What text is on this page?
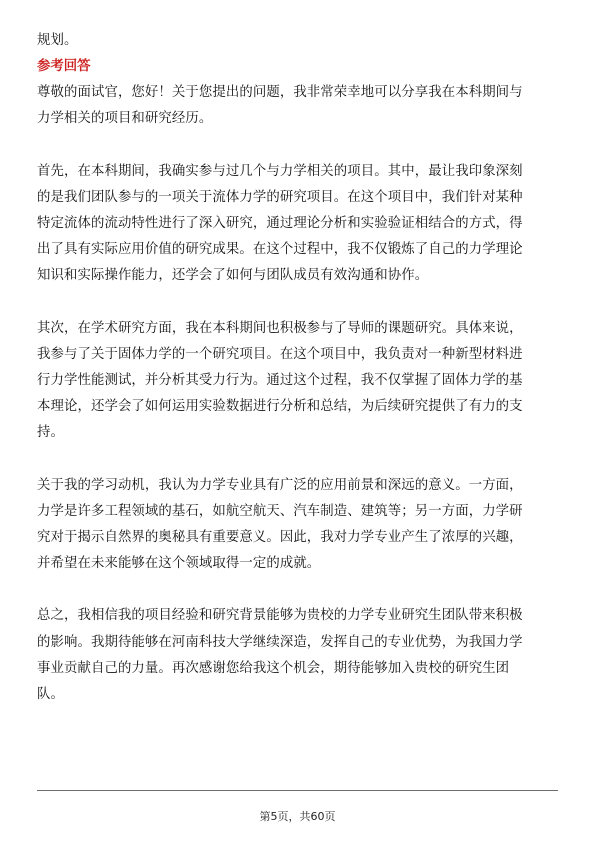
规划。
参考回答
尊敬的面试官，您好！关于您提出的问题，我非常荣幸地可以分享我在本科期间与
力学相关的项目和研究经历。
首先，在本科期间，我确实参与过几个与力学相关的项目。其中，最让我印象深刻
的是我们团队参与的一项关于流体力学的研究项目。在这个项目中，我们针对某种
特定流体的流动特性进行了深入研究，通过理论分析和实验验证相结合的方式，得
出了具有实际应用价值的研究成果。在这个过程中，我不仅锻炼了自己的力学理论
知识和实际操作能力，还学会了如何与团队成员有效沟通和协作。
其次，在学术研究方面，我在本科期间也积极参与了导师的课题研究。具体来说，
我参与了关于固体力学的一个研究项目。在这个项目中，我负责对一种新型材料进
行力学性能测试，并分析其受力行为。通过这个过程，我不仅掌握了固体力学的基
本理论，还学会了如何运用实验数据进行分析和总结，为后续研究提供了有力的支
持。
关于我的学习动机，我认为力学专业具有广泛的应用前景和深远的意义。一方面，
力学是许多工程领域的基石，如航空航天、汽车制造、建筑等；另一方面，力学研
究对于揭示自然界的奥秘具有重要意义。因此，我对力学专业产生了浓厚的兴趣，
并希望在未来能够在这个领域取得一定的成就。
总之，我相信我的项目经验和研究背景能够为贵校的力学专业研究生团队带来积极
的影响。我期待能够在河南科技大学继续深造，发挥自己的专业优势，为我国力学
事业贡献自己的力量。再次感谢您给我这个机会，期待能够加入贵校的研究生团
队。
第5页，共60页
